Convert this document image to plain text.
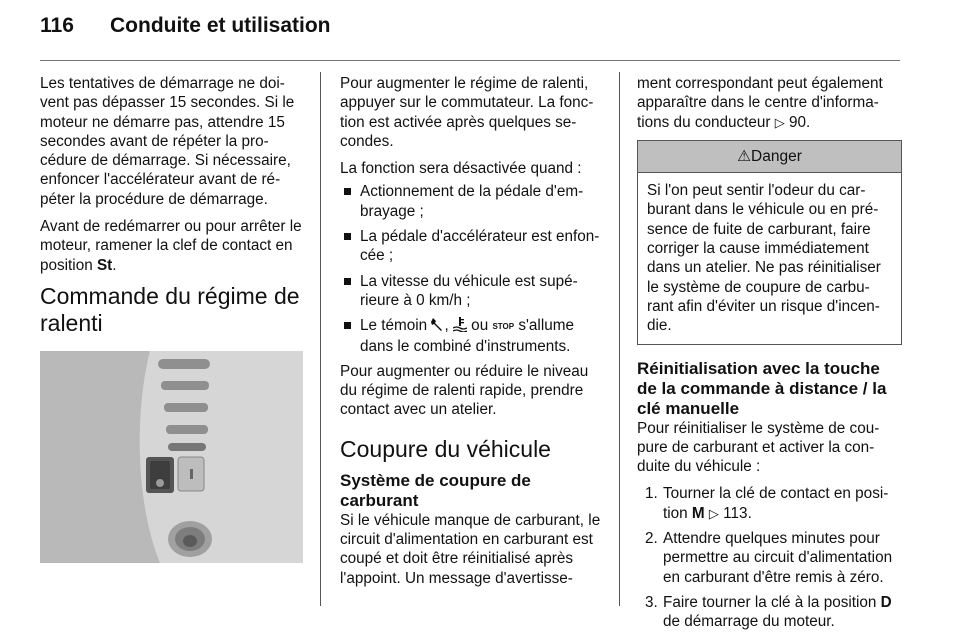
116 Conduite et utilisation

Les tentatives de démarrage ne doi-vent pas dépasser 15 secondes. Si le moteur ne démarre pas, attendre 15 secondes avant de répéter la pro-cédure de démarrage. Si nécessaire, enfoncer l'accélérateur avant de ré-péter la procédure de démarrage.

Avant de redémarrer ou pour arrêter le moteur, ramener la clef de contact en position St.

Commande du régime de ralenti

Pour augmenter le régime de ralenti, appuyer sur le commutateur. La fonc-tion est activée après quelques se-condes.

La fonction sera désactivée quand :

Actionnement de la pédale d'em-brayage ;
La pédale d'accélérateur est enfon-cée ;
La vitesse du véhicule est supé-rieure à 0 km/h ;
Le témoin ,  ou STOP s'allume dans le combiné d'instruments.

Pour augmenter ou réduire le niveau du régime de ralenti rapide, prendre contact avec un atelier.

Coupure du véhicule
Système de coupure de carburant

Si le véhicule manque de carburant, le circuit d'alimentation en carburant est coupé et doit être réinitialisé après l'appoint. Un message d'avertisse-

ment correspondant peut également apparaître dans le centre d'informa-tions du conducteur ▷ 90.

⚠Danger
Si l'on peut sentir l'odeur du car-burant dans le véhicule ou en pré-sence de fuite de carburant, faire corriger la cause immédiatement dans un atelier. Ne pas réinitialiser le système de coupure de carbu-rant afin d'éviter un risque d'incen-die.
Réinitialisation avec la touche de la commande à distance / la clé manuelle

Pour réinitialiser le système de cou-pure de carburant et activer la con-duite du véhicule :

1. Tourner la clé de contact en posi-tion M ▷ 113.
2. Attendre quelques minutes pour permettre au circuit d'alimentation en carburant d'être remis à zéro.
3. Faire tourner la clé à la position D de démarrage du moteur.
